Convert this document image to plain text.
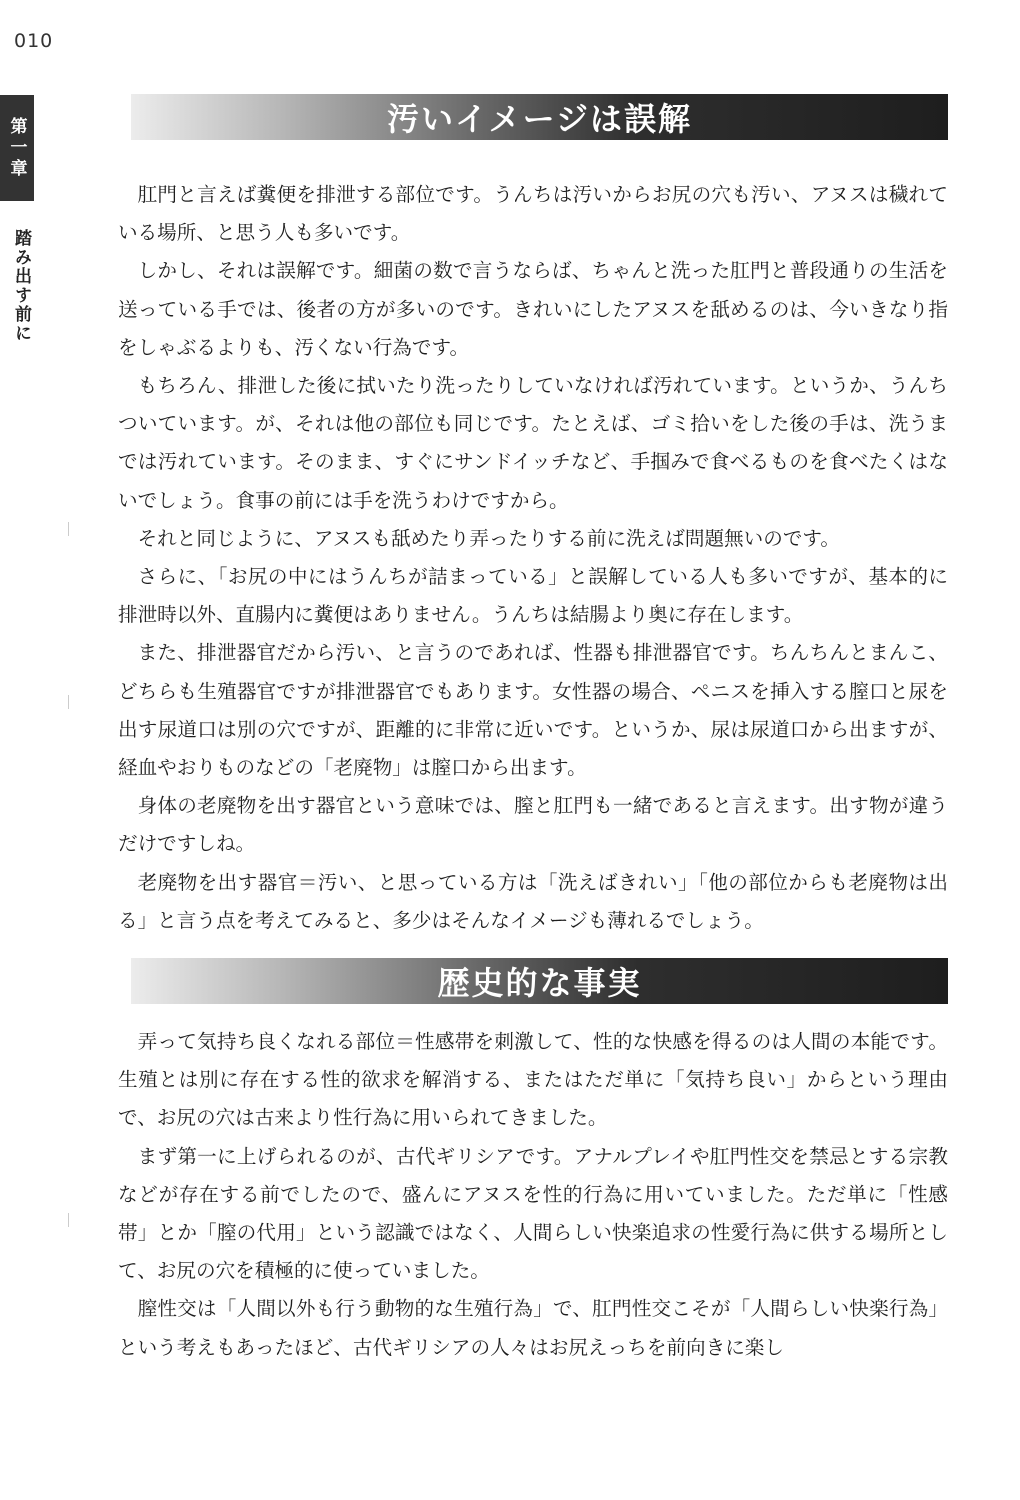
010
第一章
踏み出す前に
汚いイメージは誤解

肛門と言えば糞便を排泄する部位です。うんちは汚いからお尻の穴も汚い、アヌスは穢れている場所、と思う人も多いです。

しかし、それは誤解です。細菌の数で言うならば、ちゃんと洗った肛門と普段通りの生活を送っている手では、後者の方が多いのです。きれいにしたアヌスを舐めるのは、今いきなり指をしゃぶるよりも、汚くない行為です。

もちろん、排泄した後に拭いたり洗ったりしていなければ汚れています。というか、うんちついています。が、それは他の部位も同じです。たとえば、ゴミ拾いをした後の手は、洗うまでは汚れています。そのまま、すぐにサンドイッチなど、手掴みで食べるものを食べたくはないでしょう。食事の前には手を洗うわけですから。

それと同じように、アヌスも舐めたり弄ったりする前に洗えば問題無いのです。

さらに、「お尻の中にはうんちが詰まっている」と誤解している人も多いですが、基本的に排泄時以外、直腸内に糞便はありません。うんちは結腸より奥に存在します。

また、排泄器官だから汚い、と言うのであれば、性器も排泄器官です。ちんちんとまんこ、どちらも生殖器官ですが排泄器官でもあります。女性器の場合、ペニスを挿入する膣口と尿を出す尿道口は別の穴ですが、距離的に非常に近いです。というか、尿は尿道口から出ますが、経血やおりものなどの「老廃物」は膣口から出ます。

身体の老廃物を出す器官という意味では、膣と肛門も一緒であると言えます。出す物が違うだけですしね。

老廃物を出す器官＝汚い、と思っている方は「洗えばきれい」「他の部位からも老廃物は出る」と言う点を考えてみると、多少はそんなイメージも薄れるでしょう。

歴史的な事実

弄って気持ち良くなれる部位＝性感帯を刺激して、性的な快感を得るのは人間の本能です。生殖とは別に存在する性的欲求を解消する、またはただ単に「気持ち良い」からという理由で、お尻の穴は古来より性行為に用いられてきました。

まず第一に上げられるのが、古代ギリシアです。アナルプレイや肛門性交を禁忌とする宗教などが存在する前でしたので、盛んにアヌスを性的行為に用いていました。ただ単に「性感帯」とか「膣の代用」という認識ではなく、人間らしい快楽追求の性愛行為に供する場所として、お尻の穴を積極的に使っていました。

膣性交は「人間以外も行う動物的な生殖行為」で、肛門性交こそが「人間らしい快楽行為」という考えもあったほど、古代ギリシアの人々はお尻えっちを前向きに楽し
